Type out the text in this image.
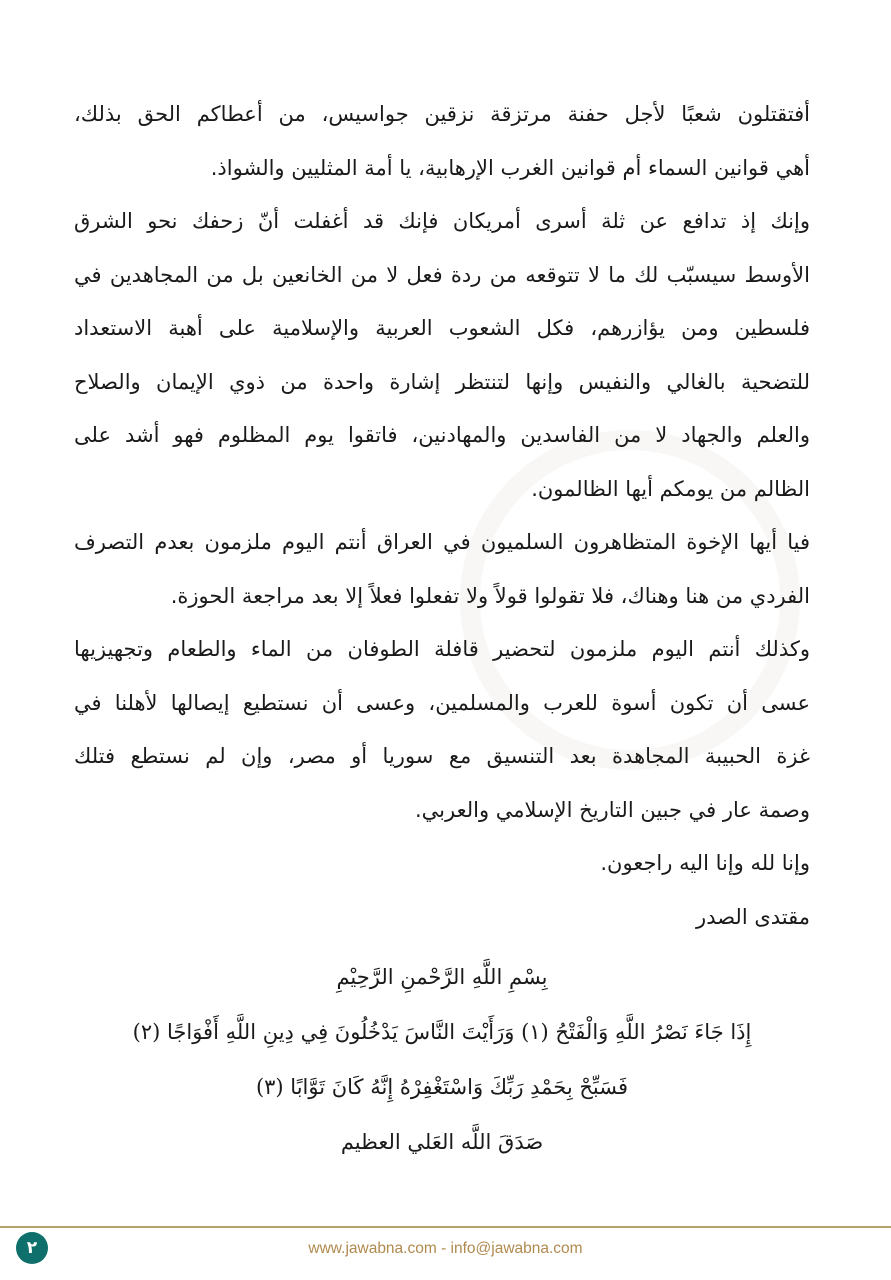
أفتقتلون شعبًا لأجل حفنة مرتزقة نزقين جواسيس، من أعطاكم الحق بذلك،
أهي قوانين السماء أم قوانين الغرب الإرهابية، يا أمة المثليين والشواذ.
وإنك إذ تدافع عن ثلة أسرى أمريكان فإنك قد أغفلت أنّ زحفك نحو الشرق
الأوسط سيسبّب لك ما لا تتوقعه من ردة فعل لا من الخانعين بل من المجاهدين في
فلسطين ومن يؤازرهم، فكل الشعوب العربية والإسلامية على أهبة الاستعداد
للتضحية بالغالي والنفيس وإنها لتنتظر إشارة واحدة من ذوي الإيمان والصلاح
والعلم والجهاد لا من الفاسدين والمهادنين، فاتقوا يوم المظلوم فهو أشد على
الظالم من يومكم أيها الظالمون.
فيا أيها الإخوة المتظاهرون السلميون في العراق أنتم اليوم ملزمون بعدم التصرف
الفردي من هنا وهناك، فلا تقولوا قولاً ولا تفعلوا فعلاً إلا بعد مراجعة الحوزة.
وكذلك أنتم اليوم ملزمون لتحضير قافلة الطوفان من الماء والطعام وتجهيزيها
عسى أن تكون أسوة للعرب والمسلمين، وعسى أن نستطيع إيصالها لأهلنا في
غزة الحبيبة المجاهدة بعد التنسيق مع سوريا أو مصر، وإن لم نستطع فتلك
وصمة عار في جبين التاريخ الإسلامي والعربي.
وإنا لله وإنا اليه راجعون.
مقتدى الصدر
بِسْمِ اللَّهِ الرَّحْمنِ الرَّحِيْمِ
إِذَا جَاءَ نَصْرُ اللَّهِ وَالْفَتْحُ (١) وَرَأَيْتَ النَّاسَ يَدْخُلُونَ فِي دِينِ اللَّهِ أَفْوَاجًا (٢)
فَسَبِّحْ بِحَمْدِ رَبِّكَ وَاسْتَغْفِرْهُ إِنَّهُ كَانَ تَوَّابًا (٣)
صَدَقَ اللَّه العَلي العظيم
٢	www.jawabna.com - info@jawabna.com
